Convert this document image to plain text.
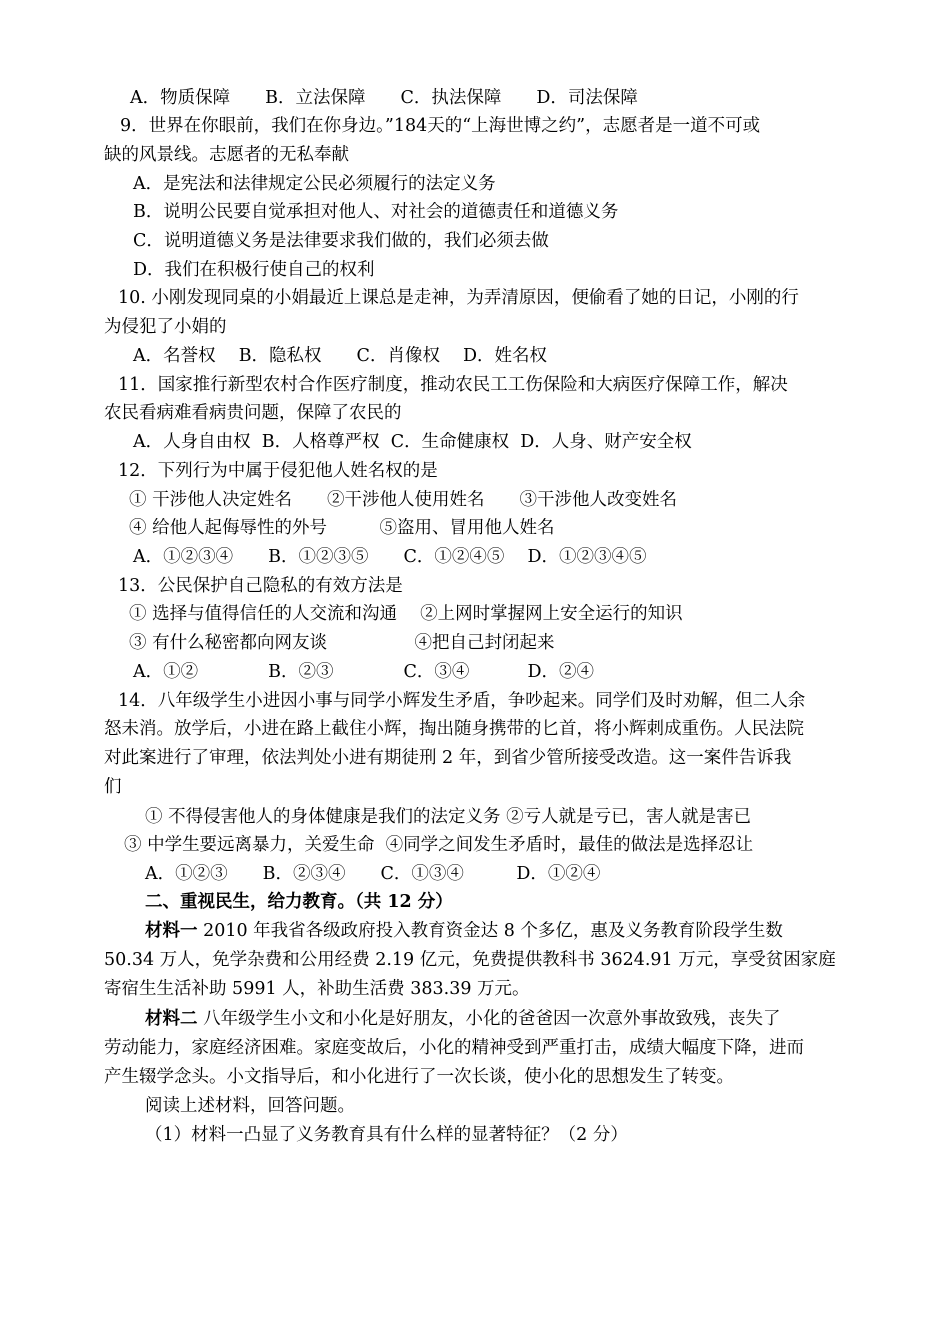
A．物质保障　　B．立法保障　　C．执法保障　　D．司法保障
9．世界在你眼前，我们在你身边。”184天的“上海世博之约”，志愿者是一道不可或
缺的风景线。志愿者的无私奉献
A．是宪法和法律规定公民必须履行的法定义务
B．说明公民要自觉承担对他人、对社会的道德责任和道德义务
C．说明道德义务是法律要求我们做的，我们必须去做
D．我们在积极行使自己的权利
10. 小刚发现同桌的小娟最近上课总是走神，为弄清原因，便偷看了她的日记，小刚的行
为侵犯了小娟的
A．名誉权　 B．隐私权　　C．肖像权　 D．姓名权
11．国家推行新型农村合作医疗制度，推动农民工工伤保险和大病医疗保障工作，解决
农民看病难看病贵问题，保障了农民的
A．人身自由权  B．人格尊严权  C．生命健康权  D．人身、财产安全权
12．下列行为中属于侵犯他人姓名权的是
① 干涉他人决定姓名　　②干涉他人使用姓名　　③干涉他人改变姓名
④ 给他人起侮辱性的外号　　　⑤盗用、冒用他人姓名
A．①②③④　　B．①②③⑤　　C．①②④⑤　 D．①②③④⑤
13．公民保护自己隐私的有效方法是
① 选择与值得信任的人交流和沟通　 ②上网时掌握网上安全运行的知识
③ 有什么秘密都向网友谈　　　　　④把自己封闭起来
A．①②　　　　B．②③　　　　C．③④　　　 D．②④
14．八年级学生小进因小事与同学小辉发生矛盾，争吵起来。同学们及时劝解，但二人余
怒未消。放学后，小进在路上截住小辉，掏出随身携带的匕首，将小辉刺成重伤。人民法院
对此案进行了审理，依法判处小进有期徒刑 2 年，到省少管所接受改造。这一案件告诉我
们
① 不得侵害他人的身体健康是我们的法定义务 ②亏人就是亏已，害人就是害已
③ 中学生要远离暴力，关爱生命  ④同学之间发生矛盾时，最佳的做法是选择忍让
A．①②③　　B．②③④　　C．①③④　　　D．①②④
二、重视民生，给力教育。（共 12 分）
材料一 2010 年我省各级政府投入教育资金达 8 个多亿，惠及义务教育阶段学生数
50.34 万人，免学杂费和公用经费 2.19 亿元，免费提供教科书 3624.91 万元，享受贫困家庭
寄宿生生活补助 5991 人，补助生活费 383.39 万元。
材料二 八年级学生小文和小化是好朋友，小化的爸爸因一次意外事故致残，丧失了
劳动能力，家庭经济困难。家庭变故后，小化的精神受到严重打击，成绩大幅度下降，进而
产生辍学念头。小文指导后，和小化进行了一次长谈，使小化的思想发生了转变。
阅读上述材料，回答问题。
（1）材料一凸显了义务教育具有什么样的显著特征？（2 分）
